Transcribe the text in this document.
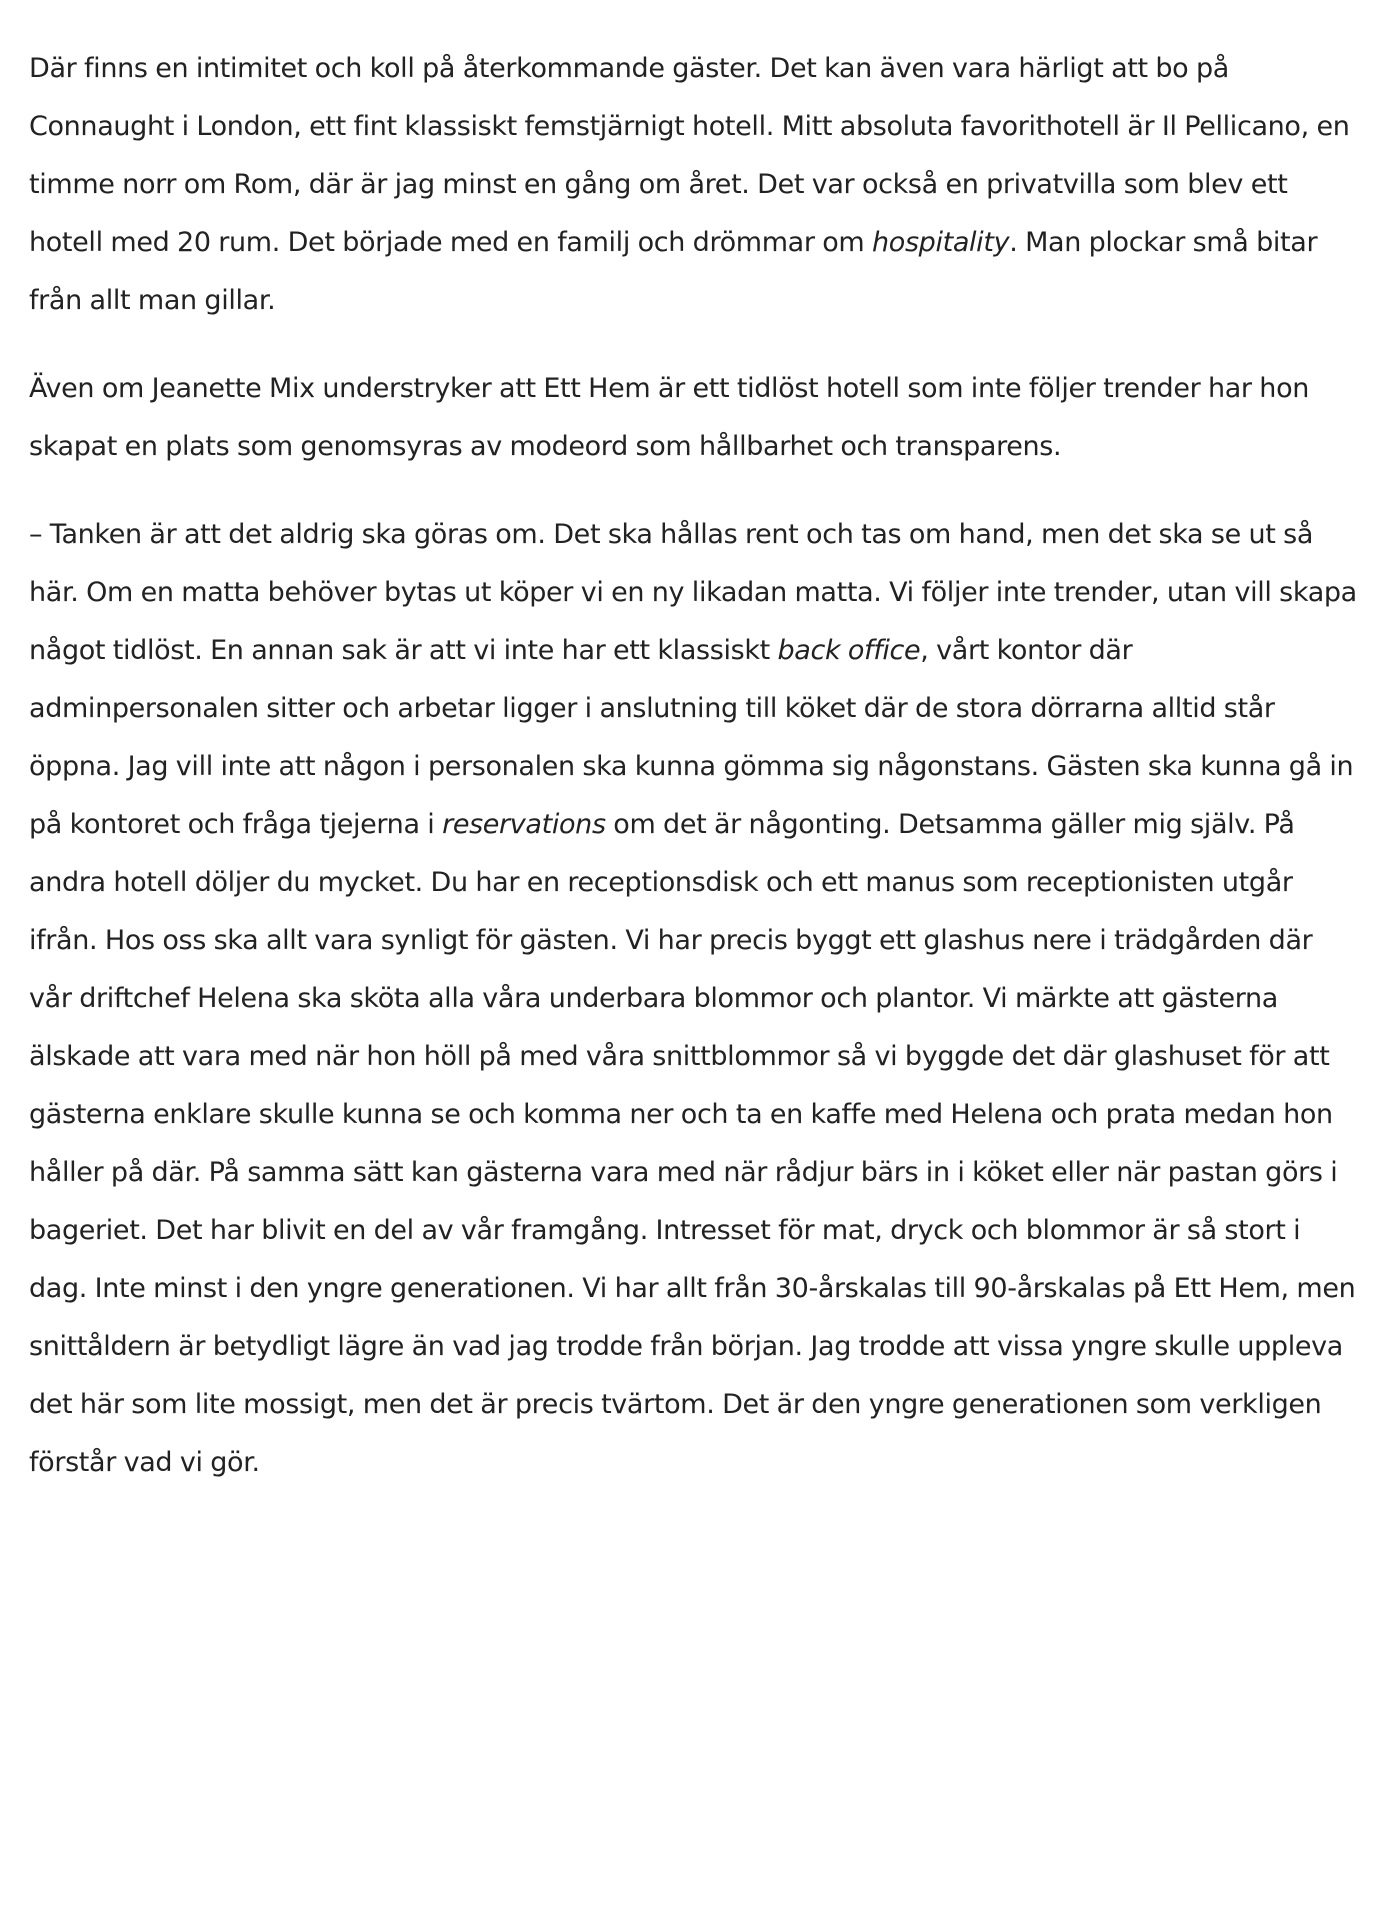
Där finns en intimitet och koll på återkommande gäster. Det kan även vara härligt att bo på Connaught i London, ett fint klassiskt femstjärnigt hotell. Mitt absoluta favorithotell är Il Pellicano, en timme norr om Rom, där är jag minst en gång om året. Det var också en privatvilla som blev ett hotell med 20 rum. Det började med en familj och drömmar om hospitality. Man plockar små bitar från allt man gillar.

Även om Jeanette Mix understryker att Ett Hem är ett tidlöst hotell som inte följer trender har hon skapat en plats som genomsyras av modeord som hållbarhet och transparens.

– Tanken är att det aldrig ska göras om. Det ska hållas rent och tas om hand, men det ska se ut så här. Om en matta behöver bytas ut köper vi en ny likadan matta. Vi följer inte trender, utan vill skapa något tidlöst. En annan sak är att vi inte har ett klassiskt back office, vårt kontor där adminpersonalen sitter och arbetar ligger i anslutning till köket där de stora dörrarna alltid står öppna. Jag vill inte att någon i personalen ska kunna gömma sig någonstans. Gästen ska kunna gå in på kontoret och fråga tjejerna i reservations om det är någonting. Detsamma gäller mig själv. På andra hotell döljer du mycket. Du har en receptionsdisk och ett manus som receptionisten utgår ifrån. Hos oss ska allt vara synligt för gästen. Vi har precis byggt ett glashus nere i trädgården där vår driftchef Helena ska sköta alla våra underbara blommor och plantor. Vi märkte att gästerna älskade att vara med när hon höll på med våra snittblommor så vi byggde det där glashuset för att gästerna enklare skulle kunna se och komma ner och ta en kaffe med Helena och prata medan hon håller på där. På samma sätt kan gästerna vara med när rådjur bärs in i köket eller när pastan görs i bageriet. Det har blivit en del av vår framgång. Intresset för mat, dryck och blommor är så stort i dag. Inte minst i den yngre generationen. Vi har allt från 30-årskalas till 90-årskalas på Ett Hem, men snittåldern är betydligt lägre än vad jag trodde från början. Jag trodde att vissa yngre skulle uppleva det här som lite mossigt, men det är precis tvärtom. Det är den yngre generationen som verkligen förstår vad vi gör.
